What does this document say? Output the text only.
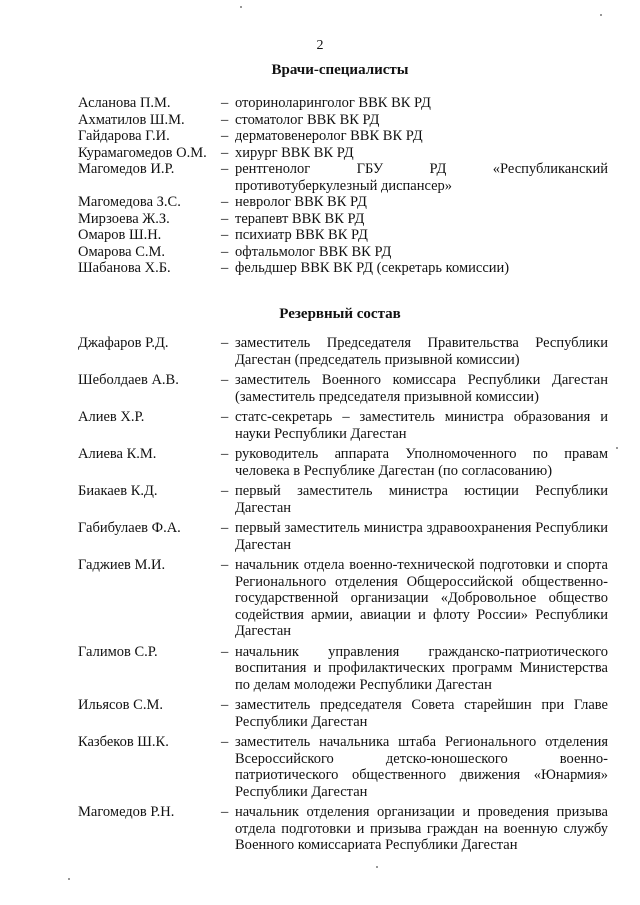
2
Врачи-специалисты
Асланова П.М.	– оториноларинголог ВВК ВК РД
Ахматилов Ш.М.	– стоматолог ВВК ВК РД
Гайдарова Г.И.	– дерматовенеролог ВВК ВК РД
Курамагомедов О.М. – хирург ВВК ВК РД
Магомедов И.Р.	– рентгенолог ГБУ РД «Республиканский противотуберкулезный диспансер»
Магомедова З.С.	– невролог ВВК ВК РД
Мирзоева Ж.З.	– терапевт ВВК ВК РД
Омаров Ш.Н.	– психиатр ВВК ВК РД
Омарова С.М.	– офтальмолог ВВК ВК РД
Шабанова Х.Б.	– фельдшер ВВК ВК РД (секретарь комиссии)
Резервный состав
Джафаров Р.Д.	– заместитель Председателя Правительства Республики Дагестан (председатель призывной комиссии)
Шеболдаев А.В.	– заместитель Военного комиссара Республики Дагестан (заместитель председателя призывной комиссии)
Алиев Х.Р.	– статс-секретарь – заместитель министра образования и науки Республики Дагестан
Алиева К.М.	– руководитель аппарата Уполномоченного по правам человека в Республике Дагестан (по согласованию)
Биакаев К.Д.	– первый заместитель министра юстиции Республики Дагестан
Габибулаев Ф.А.	– первый заместитель министра здравоохранения Республики Дагестан
Гаджиев М.И.	– начальник отдела военно-технической подготовки и спорта Регионального отделения Общероссийской общественно-государственной организации «Добровольное общество содействия армии, авиации и флоту России» Республики Дагестан
Галимов С.Р.	– начальник управления гражданско-патриотического воспитания и профилактических программ Министерства по делам молодежи Республики Дагестан
Ильясов С.М.	– заместитель председателя Совета старейшин при Главе Республики Дагестан
Казбеков Ш.К.	– заместитель начальника штаба Регионального отделения Всероссийского детско-юношеского военно-патриотического общественного движения «Юнармия» Республики Дагестан
Магомедов Р.Н.	– начальник отделения организации и проведения призыва отдела подготовки и призыва граждан на военную службу Военного комиссариата Республики Дагестан
